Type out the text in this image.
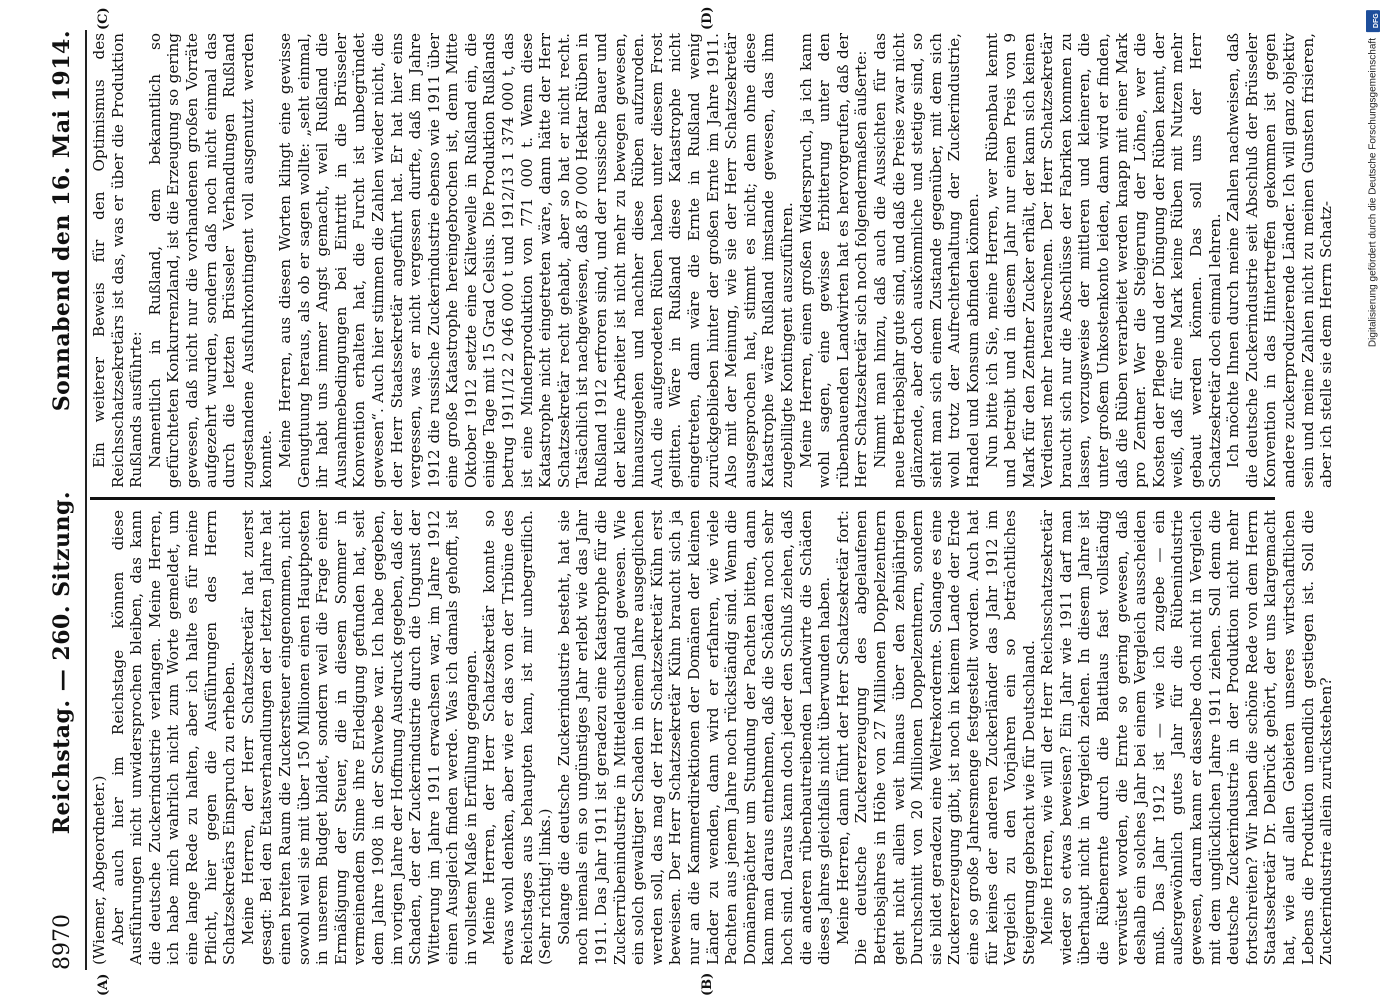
8970
Reichstag. — 260. Sitzung.
Sonnabend den 16. Mai 1914.
(A)	(B)
(C)	(D)

(Wiemer, Abgeordneter.) Aber auch hier im Reichstage können diese Ausführungen nicht unwidersprochen bleiben, das kann die deutsche Zuckerindustrie verlangen. Meine Herren, ich habe mich wahrlich nicht zum Worte gemeldet, um eine lange Rede zu halten, aber ich halte es für meine Pflicht, hier gegen die Ausführungen des Herrn Schatzsekretärs Einspruch zu erheben. Meine Herren, der Herr Schatzsekretär hat zuerst gesagt: Bei den Etatsverhandlungen der letzten Jahre hat einen breiten Raum die Zuckersteuer eingenommen, nicht sowohl weil sie mit über 150 Millionen einen Hauptposten in unserem Budget bildet, sondern weil die Frage einer Ermäßigung der Steuer, die in diesem Sommer in vermeinendem Sinne ihre Erledigung gefunden hat, seit dem Jahre 1908 in der Schwebe war. Ich habe gegeben, im vorigen Jahre der Hoffnung Ausdruck gegeben, daß der Schaden, der der Zuckerindustrie durch die Ungunst der Witterung im Jahre 1911 erwachsen war, im Jahre 1912 einen Ausgleich finden werde. Was ich damals gehofft, ist in vollstem Maße in Erfüllung gegangen. Meine Herren, der Herr Schatzsekretär konnte so etwas wohl denken, aber wie er das von der Tribüne des Reichstages aus behaupten kann, ist mir unbegreiflich. (Sehr richtig! links.) Solange die deutsche Zuckerindustrie besteht, hat sie noch niemals ein so ungünstiges Jahr erlebt wie das Jahr 1911. Das Jahr 1911 ist geradezu eine Katastrophe für die Zuckerrübenindustrie in Mitteldeutschland gewesen. Wie ein solch gewaltiger Schaden in einem Jahre ausgeglichen werden soll, das mag der Herr Schatzsekretär Kühn erst beweisen. Der Herr Schatzsekretär Kühn braucht sich ja nur an die Kammerdirektionen der Domänen der kleinen Länder zu wenden, dann wird er erfahren, wie viele Pachten aus jenem Jahre noch rückständig sind. Wenn die Domänenpächter um Stundung der Pachten bitten, dann kann man daraus entnehmen, daß die Schäden noch sehr hoch sind. Daraus kann doch jeder den Schluß ziehen, daß die anderen rübenbautreibenden Landwirte die Schäden dieses Jahres gleichfalls nicht überwunden haben. Meine Herren, dann führt der Herr Schatzsekretär fort: Die deutsche Zuckererzeugung des abgelaufenen Betriebsjahres in Höhe von 27 Millionen Doppelzentnern geht nicht allein weit hinaus über den zehnjährigen Durchschnitt von 20 Millionen Doppelzentnern, sondern sie bildet geradezu eine Weltrekordernte. Solange es eine Zuckererzeugung gibt, ist noch in keinem Lande der Erde eine so große Jahresmenge festgestellt worden. Auch hat für keines der anderen Zuckerländer das Jahr 1912 im Vergleich zu den Vorjahren ein so beträchtliches Steigerung gebracht wie für Deutschland. Meine Herren, wie will der Herr Reichsschatzsekretär wieder so etwas beweisen? Ein Jahr wie 1911 darf man überhaupt nicht in Vergleich ziehen. In diesem Jahre ist die Rübenernte durch die Blattlaus fast vollständig verwüstet worden, die Ernte so gering gewesen, daß deshalb ein solches Jahr bei einem Vergleich ausscheiden muß. Das Jahr 1912 ist — wie ich zugebe — ein außergewöhnlich gutes Jahr für die Rübenindustrie gewesen, darum kann er dasselbe doch nicht in Vergleich mit dem unglücklichen Jahre 1911 ziehen. Soll denn die deutsche Zuckerindustrie in der Produktion nicht mehr fortschreiten? Wir haben die schöne Rede von dem Herrn Staatssekretär Dr. Delbrück gehört, der uns klargemacht hat, wie auf allen Gebieten unseres wirtschaftlichen Lebens die Produktion unendlich gestiegen ist. Soll die Zuckerindustrie allein zurückstehen?

Ein weiterer Beweis für den Optimismus des Reichsschatzsekretärs ist das, was er über die Produktion Rußlands ausführte: Namentlich in Rußland, dem bekanntlich so gefürchteten Konkurrenzland, ist die Erzeugung so gering gewesen, daß nicht nur die vorhandenen großen Vorräte aufgezehrt wurden, sondern daß noch nicht einmal das durch die letzten Brüsseler Verhandlungen Rußland zugestandene Ausfuhrkontingent voll ausgenutzt werden konnte. Meine Herren, aus diesen Worten klingt eine gewisse Genugtuung heraus, als ob er sagen wollte: „seht einmal, ihr habt uns immer Angst gemacht, weil Rußland die Ausnahmebedingungen bei Eintritt in die Brüsseler Konvention erhalten hat, die Furcht ist unbegründet gewesen“. Auch hier stimmen die Zahlen wieder nicht, die der Herr Staatssekretär angeführt hat. Er hat hier eins vergessen, was er nicht vergessen durfte, daß im Jahre 1912 die russische Zuckerindustrie ebenso wie 1911 über eine große Katastrophe hereingebrochen ist, denn Mitte Oktober 1912 setzte eine Kältewelle in Rußland ein, die einige Tage mit 15 Grad Celsius. Die Produktion Rußlands betrug 1911/12 2 046 000 t und 1912/13 1 374 000 t, das ist eine Minderproduktion von 771 000 t. Wenn diese Katastrophe nicht eingetreten wäre, dann hätte der Herr Schatzsekretär recht gehabt, aber so hat er nicht recht. Tatsächlich ist nachgewiesen, daß 87 000 Hektar Rüben in Rußland 1912 erfroren sind, und der russische Bauer und der kleine Arbeiter ist nicht mehr zu bewegen gewesen, hinauszugehen und nachher diese Rüben aufzuroden. Auch die aufgerodeten Rüben haben unter diesem Frost gelitten. Wäre in Rußland diese Katastrophe nicht eingetreten, dann wäre die Ernte in Rußland wenig zurückgeblieben hinter der großen Ernte im Jahre 1911. Also mit der Meinung, wie sie der Herr Schatzsekretär ausgesprochen hat, stimmt es nicht; denn ohne diese Katastrophe wäre Rußland imstande gewesen, das ihm zugebilligte Kontingent auszuführen. Meine Herren, einen großen Widerspruch, ja ich kann wohl sagen, eine gewisse Erbitterung unter den rübenbauenden Landwirten hat es hervorgerufen, daß der Herr Schatzsekretär sich noch folgendermaßen äußerte: Nimmt man hinzu, daß auch die Aussichten für das neue Betriebsjahr gute sind, und daß die Preise zwar nicht glänzende, aber doch auskömmliche und stetige sind, so sieht man sich einem Zustande gegenüber, mit dem sich wohl trotz der Aufrechterhaltung der Zuckerindustrie, Handel und Konsum abfinden können. Nun bitte ich Sie, meine Herren, wer Rübenbau kennt und betreibt und in diesem Jahr nur einen Preis von 9 Mark für den Zentner Zucker erhält, der kann sich keinen Verdienst mehr herausrechnen. Der Herr Schatzsekretär braucht sich nur die Abschlüsse der Fabriken kommen zu lassen, vorzugsweise der mittleren und kleineren, die unter großem Unkostenkonto leiden, dann wird er finden, daß die Rüben verarbeitet werden knapp mit einer Mark pro Zentner. Wer die Steigerung der Löhne, wer die Kosten der Pflege und der Düngung der Rüben kennt, der weiß, daß für eine Mark keine Rüben mit Nutzen mehr gebaut werden können. Das soll uns der Herr Schatzsekretär doch einmal lehren. Ich möchte Ihnen durch meine Zahlen nachweisen, daß die deutsche Zuckerindustrie seit Abschluß der Brüsseler Konvention in das Hintertreffen gekommen ist gegen andere zuckerproduzierende Länder. Ich will ganz objektiv sein und meine Zahlen nicht zu meinen Gunsten frisieren, aber ich stelle sie dem Herrn Schatz-	Digitalisierung gefördert durch die Deutsche Forschungsgemeinschaft
DFG
